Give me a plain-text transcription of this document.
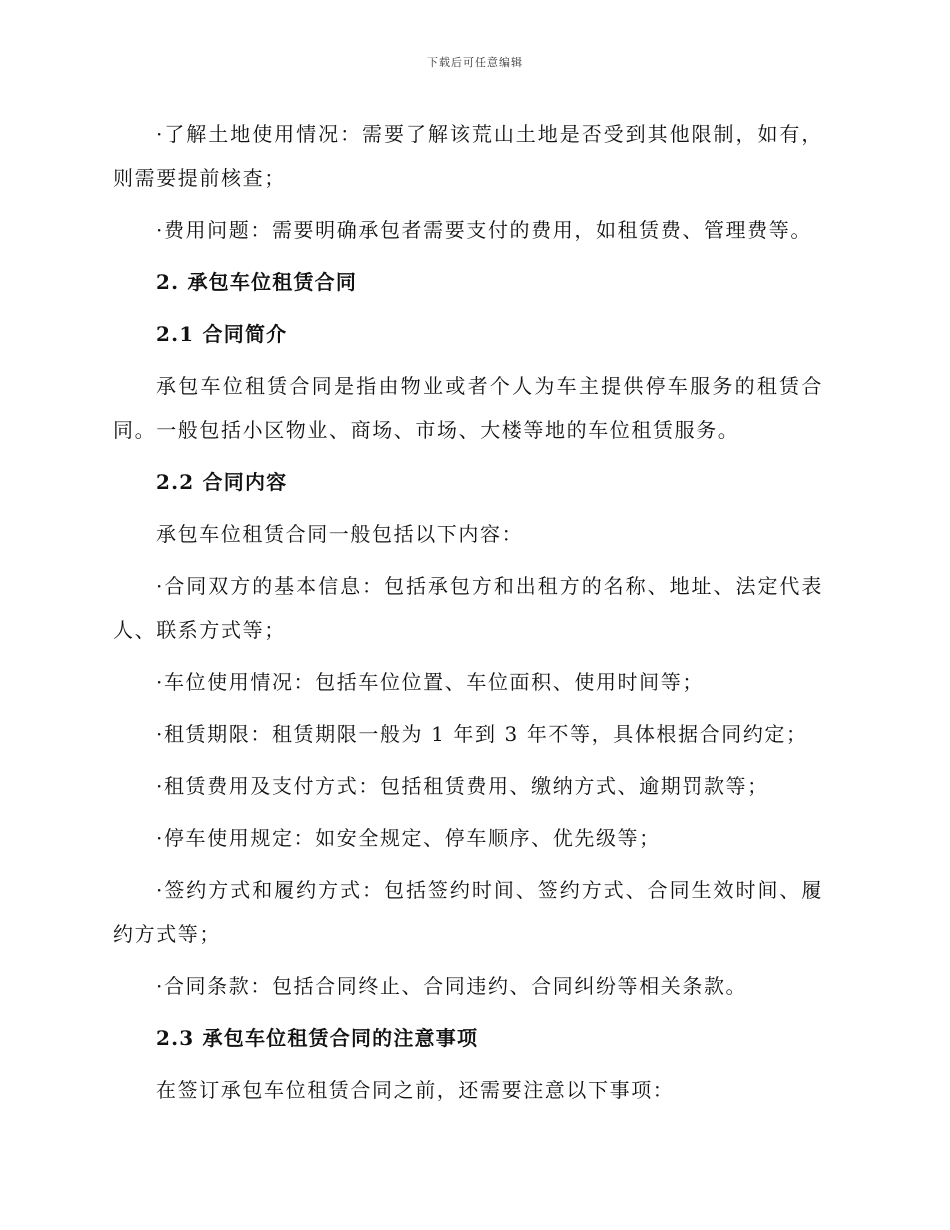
下载后可任意编辑

·了解土地使用情况：需要了解该荒山土地是否受到其他限制，如有，则需要提前核查；

·费用问题：需要明确承包者需要支付的费用，如租赁费、管理费等。

2. 承包车位租赁合同

2.1 合同简介

承包车位租赁合同是指由物业或者个人为车主提供停车服务的租赁合同。一般包括小区物业、商场、市场、大楼等地的车位租赁服务。

2.2 合同内容

承包车位租赁合同一般包括以下内容：

·合同双方的基本信息：包括承包方和出租方的名称、地址、法定代表人、联系方式等；

·车位使用情况：包括车位位置、车位面积、使用时间等；

·租赁期限：租赁期限一般为 1 年到 3 年不等，具体根据合同约定；

·租赁费用及支付方式：包括租赁费用、缴纳方式、逾期罚款等；

·停车使用规定：如安全规定、停车顺序、优先级等；

·签约方式和履约方式：包括签约时间、签约方式、合同生效时间、履约方式等；

·合同条款：包括合同终止、合同违约、合同纠纷等相关条款。

2.3 承包车位租赁合同的注意事项

在签订承包车位租赁合同之前，还需要注意以下事项：
